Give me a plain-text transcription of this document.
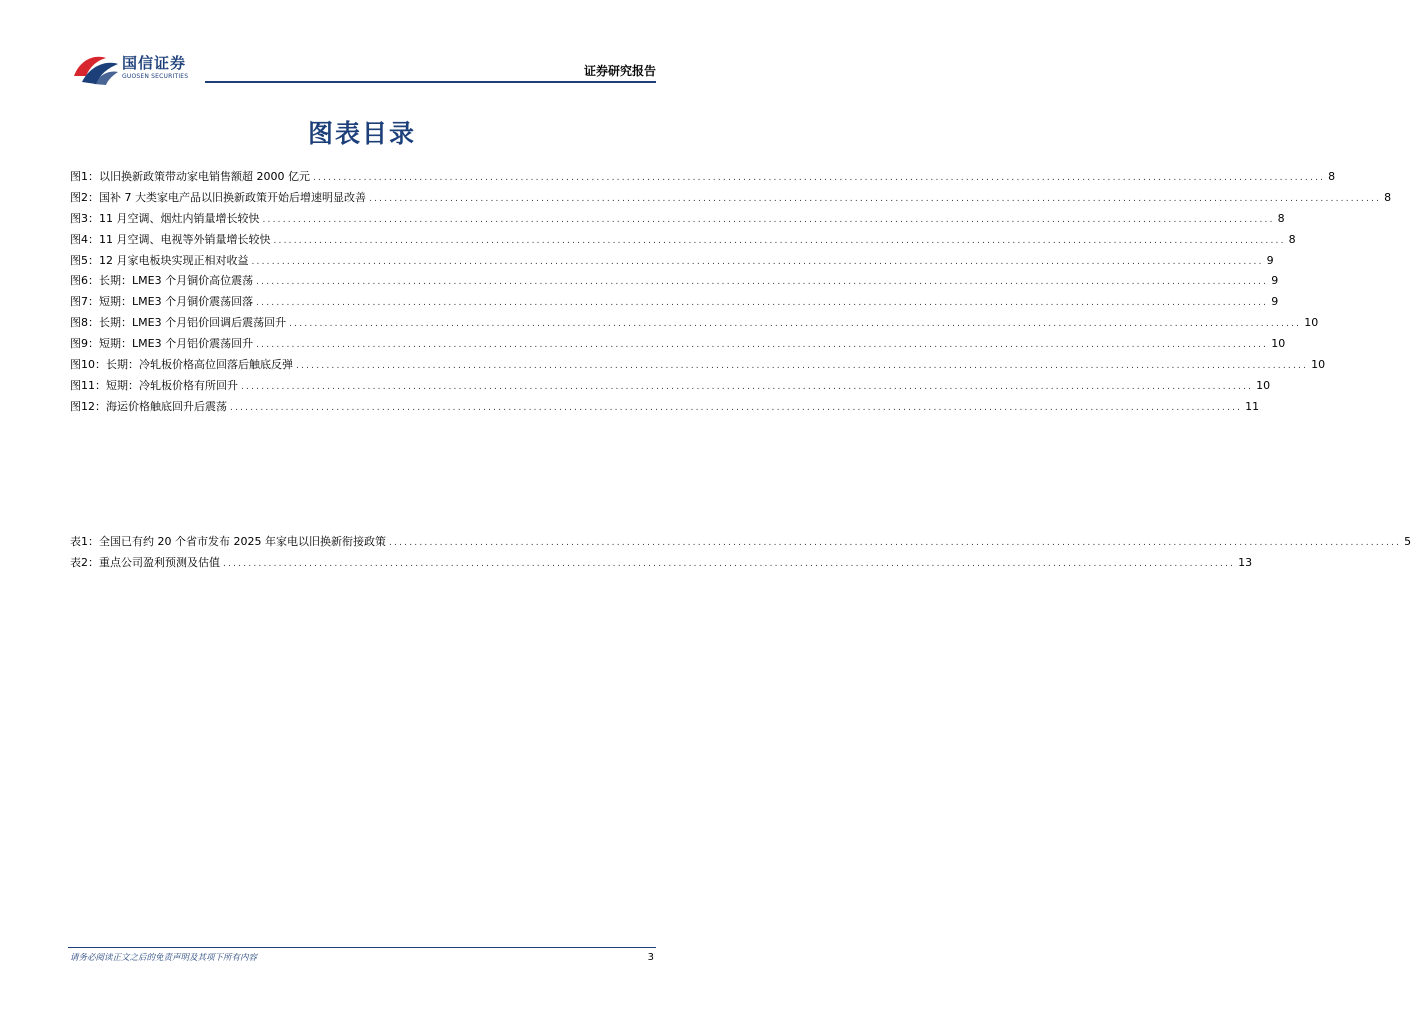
国信证券
GUOSEN SECURITIES	证券研究报告
图表目录
图1： 以旧换新政策带动家电销售额超 2000 亿元 ........................................................................................................................................................................................................ 8
图2： 国补 7 大类家电产品以旧换新政策开始后增速明显改善 ........................................................................................................................................................................................................ 8
图3： 11 月空调、烟灶内销量增长较快 ........................................................................................................................................................................................................ 8
图4： 11 月空调、电视等外销量增长较快 ........................................................................................................................................................................................................ 8
图5： 12 月家电板块实现正相对收益 ........................................................................................................................................................................................................ 9
图6： 长期：LME3 个月铜价高位震荡 ........................................................................................................................................................................................................ 9
图7： 短期：LME3 个月铜价震荡回落 ........................................................................................................................................................................................................ 9
图8： 长期：LME3 个月铝价回调后震荡回升 ........................................................................................................................................................................................................ 10
图9： 短期：LME3 个月铝价震荡回升 ........................................................................................................................................................................................................ 10
图10： 长期：冷轧板价格高位回落后触底反弹 ........................................................................................................................................................................................................ 10
图11： 短期：冷轧板价格有所回升 ........................................................................................................................................................................................................ 10
图12： 海运价格触底回升后震荡 ........................................................................................................................................................................................................ 11
表1： 全国已有约 20 个省市发布 2025 年家电以旧换新衔接政策 ........................................................................................................................................................................................................ 5
表2： 重点公司盈利预测及估值 ........................................................................................................................................................................................................ 13
请务必阅读正文之后的免责声明及其项下所有内容	3
